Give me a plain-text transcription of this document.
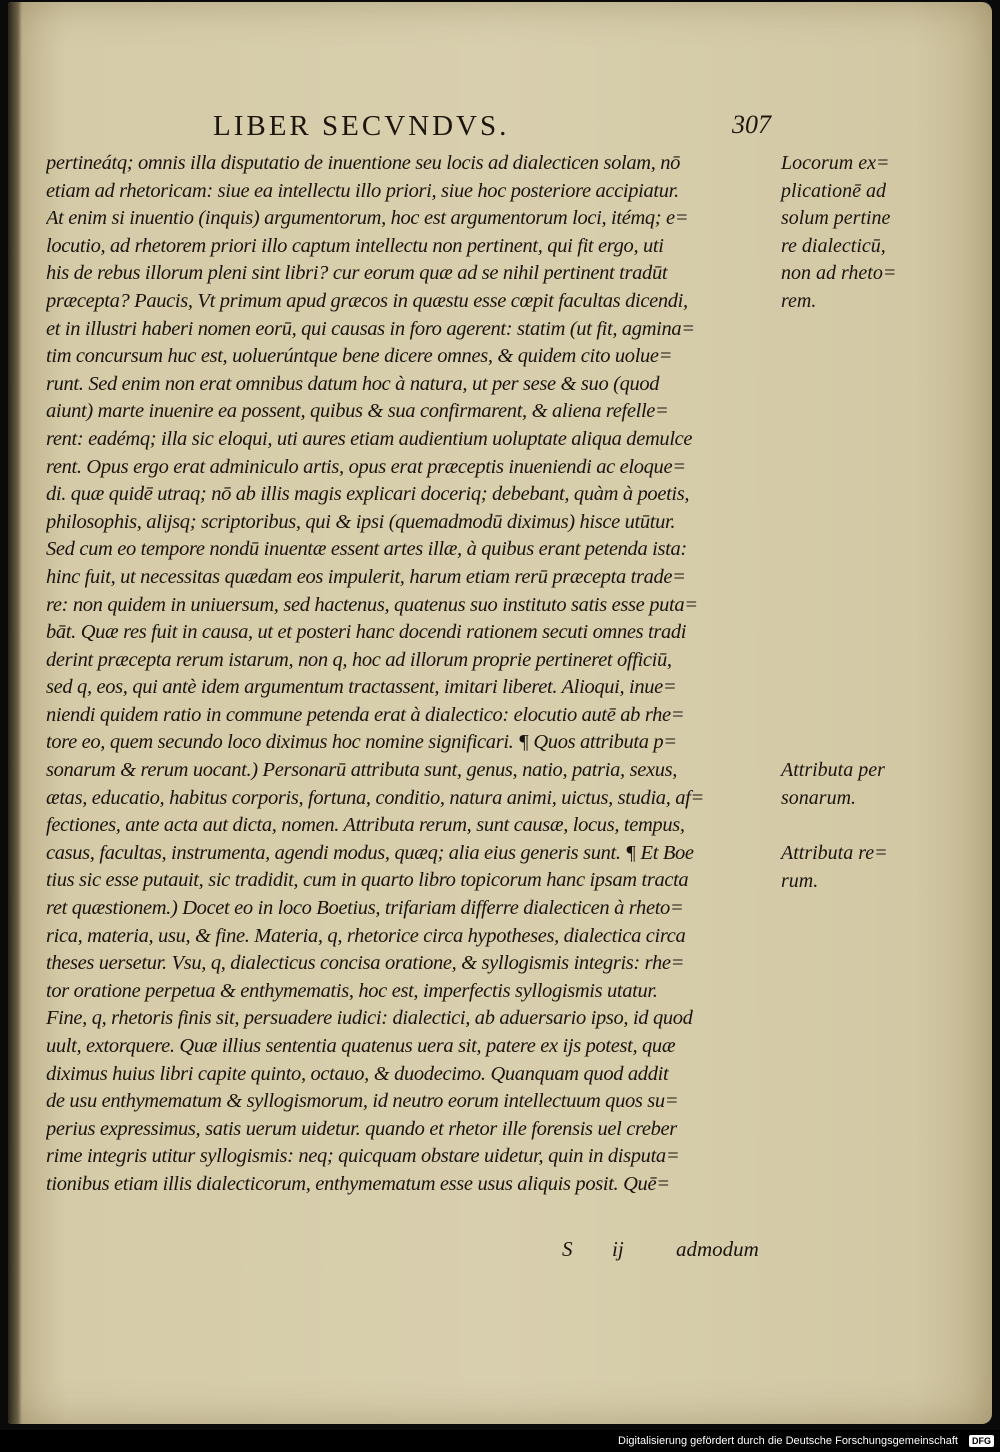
LIBER SECVNDVS.	307
pertineátq; omnis illa disputatio de inuentione seu locis ad dialecticen solam, nō
etiam ad rhetoricam: siue ea intellectu illo priori, siue hoc posteriore accipiatur.
At enim si inuentio (inquis) argumentorum, hoc est argumentorum loci, itémq; e=
locutio, ad rhetorem priori illo captum intellectu non pertinent, qui fit ergo, uti
his de rebus illorum pleni sint libri? cur eorum quæ ad se nihil pertinent tradūt
præcepta? Paucis, Vt primum apud græcos in quæstu esse cœpit facultas dicendi,
et in illustri haberi nomen eorū, qui causas in foro agerent: statim (ut fit, agmina=
tim concursum huc est, uoluerúntque bene dicere omnes, & quidem cito uolue=
runt. Sed enim non erat omnibus datum hoc à natura, ut per sese & suo (quod
aiunt) marte inuenire ea possent, quibus & sua confirmarent, & aliena refelle=
rent: eadémq; illa sic eloqui, uti aures etiam audientium uoluptate aliqua demulce
rent. Opus ergo erat adminiculo artis, opus erat præceptis inueniendi ac eloque=
di. quæ quidē utraq; nō ab illis magis explicari doceriq; debebant, quàm à poetis,
philosophis, alijsq; scriptoribus, qui & ipsi (quemadmodū diximus) hisce utūtur.
Sed cum eo tempore nondū inuentæ essent artes illæ, à quibus erant petenda ista:
hinc fuit, ut necessitas quædam eos impulerit, harum etiam rerū præcepta trade=
re: non quidem in uniuersum, sed hactenus, quatenus suo instituto satis esse puta=
bāt. Quæ res fuit in causa, ut et posteri hanc docendi rationem secuti omnes tradi
derint præcepta rerum istarum, non q, hoc ad illorum proprie pertineret officiū,
sed q, eos, qui antè idem argumentum tractassent, imitari liberet. Alioqui, inue=
niendi quidem ratio in commune petenda erat à dialectico: elocutio autē ab rhe=
tore eo, quem secundo loco diximus hoc nomine significari. ¶ Quos attributa p=
sonarum & rerum uocant.) Personarū attributa sunt, genus, natio, patria, sexus,
ætas, educatio, habitus corporis, fortuna, conditio, natura animi, uictus, studia, af=
fectiones, ante acta aut dicta, nomen. Attributa rerum, sunt causæ, locus, tempus,
casus, facultas, instrumenta, agendi modus, quæq; alia eius generis sunt. ¶ Et Boe
tius sic esse putauit, sic tradidit, cum in quarto libro topicorum hanc ipsam tracta
ret quæstionem.) Docet eo in loco Boetius, trifariam differre dialecticen à rheto=
rica, materia, usu, & fine. Materia, q, rhetorice circa hypotheses, dialectica circa
theses uersetur. Vsu, q, dialecticus concisa oratione, & syllogismis integris: rhe=
tor oratione perpetua & enthymematis, hoc est, imperfectis syllogismis utatur.
Fine, q, rhetoris finis sit, persuadere iudici: dialectici, ab aduersario ipso, id quod
uult, extorquere. Quæ illius sententia quatenus uera sit, patere ex ijs potest, quæ
diximus huius libri capite quinto, octauo, & duodecimo. Quanquam quod addit
de usu enthymematum & syllogismorum, id neutro eorum intellectuum quos su=
perius expressimus, satis uerum uidetur. quando et rhetor ille forensis uel creber
rime integris utitur syllogismis: neq; quicquam obstare uidetur, quin in disputa=
tionibus etiam illis dialecticorum, enthymematum esse usus aliquis posit. Quē=
Locorum ex=
plicationē ad
solum pertine
re dialecticū,
non ad rheto=
rem.
Attributa per
sonarum.
Attributa re=
rum.
S ij admodum
Digitalisierung gefördert durch die Deutsche Forschungsgemeinschaft	DFG
